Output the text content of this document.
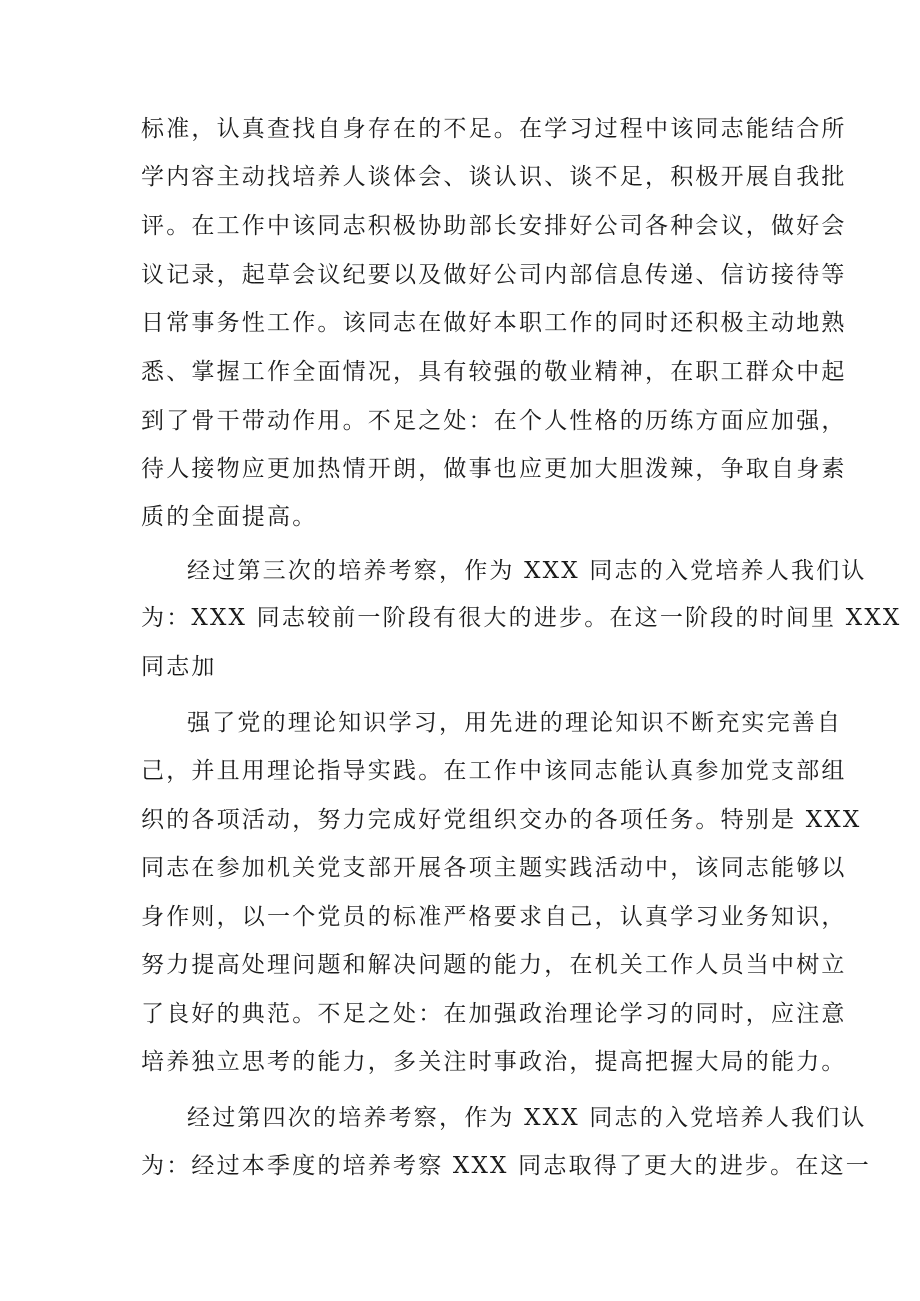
标准，认真查找自身存在的不足。在学习过程中该同志能结合所
学内容主动找培养人谈体会、谈认识、谈不足，积极开展自我批
评。在工作中该同志积极协助部长安排好公司各种会议，做好会
议记录，起草会议纪要以及做好公司内部信息传递、信访接待等
日常事务性工作。该同志在做好本职工作的同时还积极主动地熟
悉、掌握工作全面情况，具有较强的敬业精神，在职工群众中起
到了骨干带动作用。不足之处：在个人性格的历练方面应加强，
待人接物应更加热情开朗，做事也应更加大胆泼辣，争取自身素
质的全面提高。
经过第三次的培养考察，作为 XXX 同志的入党培养人我们认
为：XXX 同志较前一阶段有很大的进步。在这一阶段的时间里 XXX
同志加
强了党的理论知识学习，用先进的理论知识不断充实完善自
己，并且用理论指导实践。在工作中该同志能认真参加党支部组
织的各项活动，努力完成好党组织交办的各项任务。特别是 XXX
同志在参加机关党支部开展各项主题实践活动中，该同志能够以
身作则，以一个党员的标准严格要求自己，认真学习业务知识，
努力提高处理问题和解决问题的能力，在机关工作人员当中树立
了良好的典范。不足之处：在加强政治理论学习的同时，应注意
培养独立思考的能力，多关注时事政治，提高把握大局的能力。
经过第四次的培养考察，作为 XXX 同志的入党培养人我们认
为：经过本季度的培养考察 XXX 同志取得了更大的进步。在这一
